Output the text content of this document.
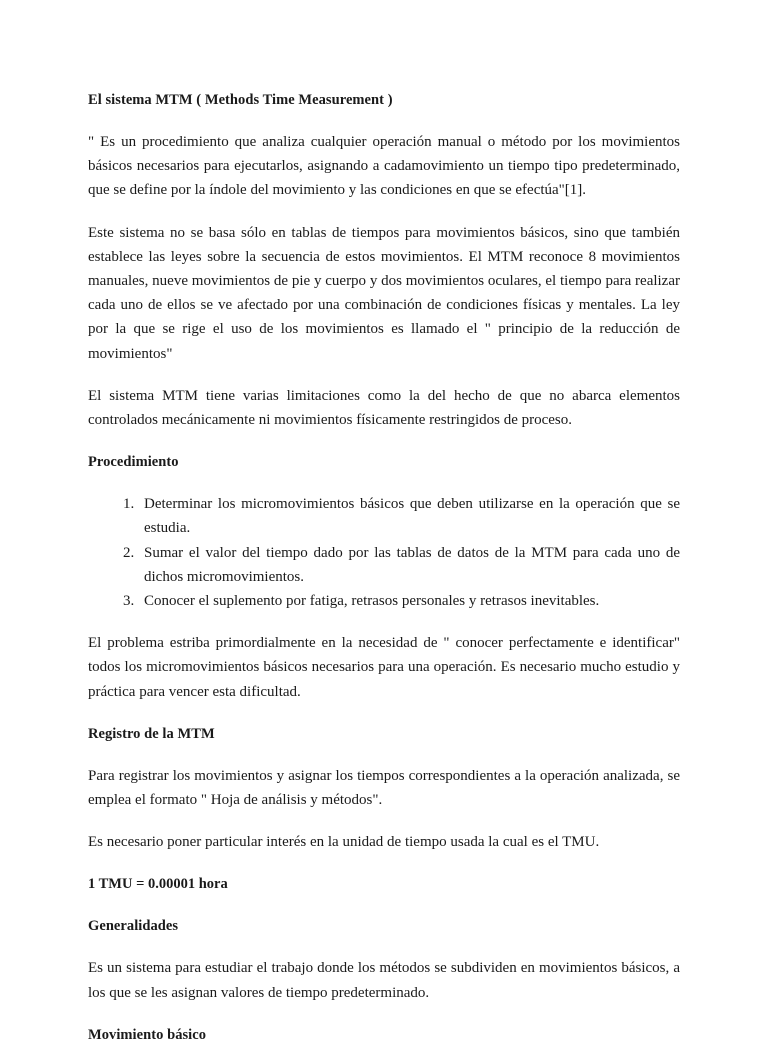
El sistema MTM ( Methods Time Measurement )

" Es un procedimiento que analiza cualquier operación manual o método por los movimientos básicos necesarios para ejecutarlos, asignando a cadamovimiento un tiempo tipo predeterminado, que se define por la índole del movimiento y las condiciones en que se efectúa"[1].

Este sistema no se basa sólo en tablas de tiempos para movimientos básicos, sino que también establece las leyes sobre la secuencia de estos movimientos. El MTM reconoce 8 movimientos manuales, nueve movimientos de pie y cuerpo y dos movimientos oculares, el tiempo para realizar cada uno de ellos se ve afectado por una combinación de condiciones físicas y mentales. La ley por la que se rige el uso de los movimientos es llamado el " principio de la reducción de movimientos"

El sistema MTM tiene varias limitaciones como la del hecho de que no abarca elementos controlados mecánicamente ni movimientos físicamente restringidos de proceso.

Procedimiento
1. Determinar los micromovimientos básicos que deben utilizarse en la operación que se estudia.
2. Sumar el valor del tiempo dado por las tablas de datos de la MTM para cada uno de dichos micromovimientos.
3. Conocer el suplemento por fatiga, retrasos personales y retrasos inevitables.

El problema estriba primordialmente en la necesidad de " conocer perfectamente e identificar" todos los micromovimientos básicos necesarios para una operación. Es necesario mucho estudio y práctica para vencer esta dificultad.

Registro de la MTM

Para registrar los movimientos y asignar los tiempos correspondientes a la operación analizada, se emplea el formato " Hoja de análisis y métodos".

Es necesario poner particular interés en la unidad de tiempo usada la cual es el TMU.

1 TMU = 0.00001 hora

Generalidades

Es un sistema para estudiar el trabajo donde los métodos se subdividen en movimientos básicos, a los que se les asignan valores de tiempo predeterminado.

Movimiento básico
